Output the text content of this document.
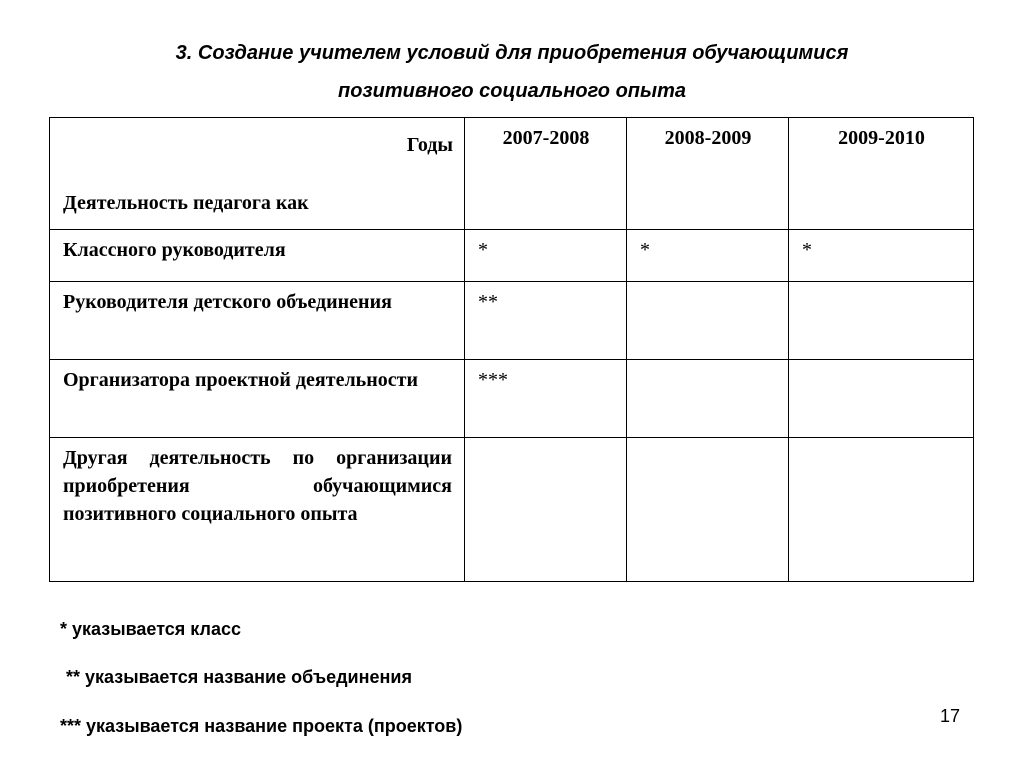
3. Создание учителем условий для приобретения обучающимися
позитивного социального опыта
Годы
Деятельность педагога как	2007-2008	2008-2009	2009-2010
Классного руководителя	*	*	*
Руководителя детского объединения	**		
Организатора проектной деятельности	***		
Другая деятельность по организации приобретения обучающимися позитивного социального опыта			
* указывается класс
** указывается название объединения
*** указывается название проекта (проектов)	17
